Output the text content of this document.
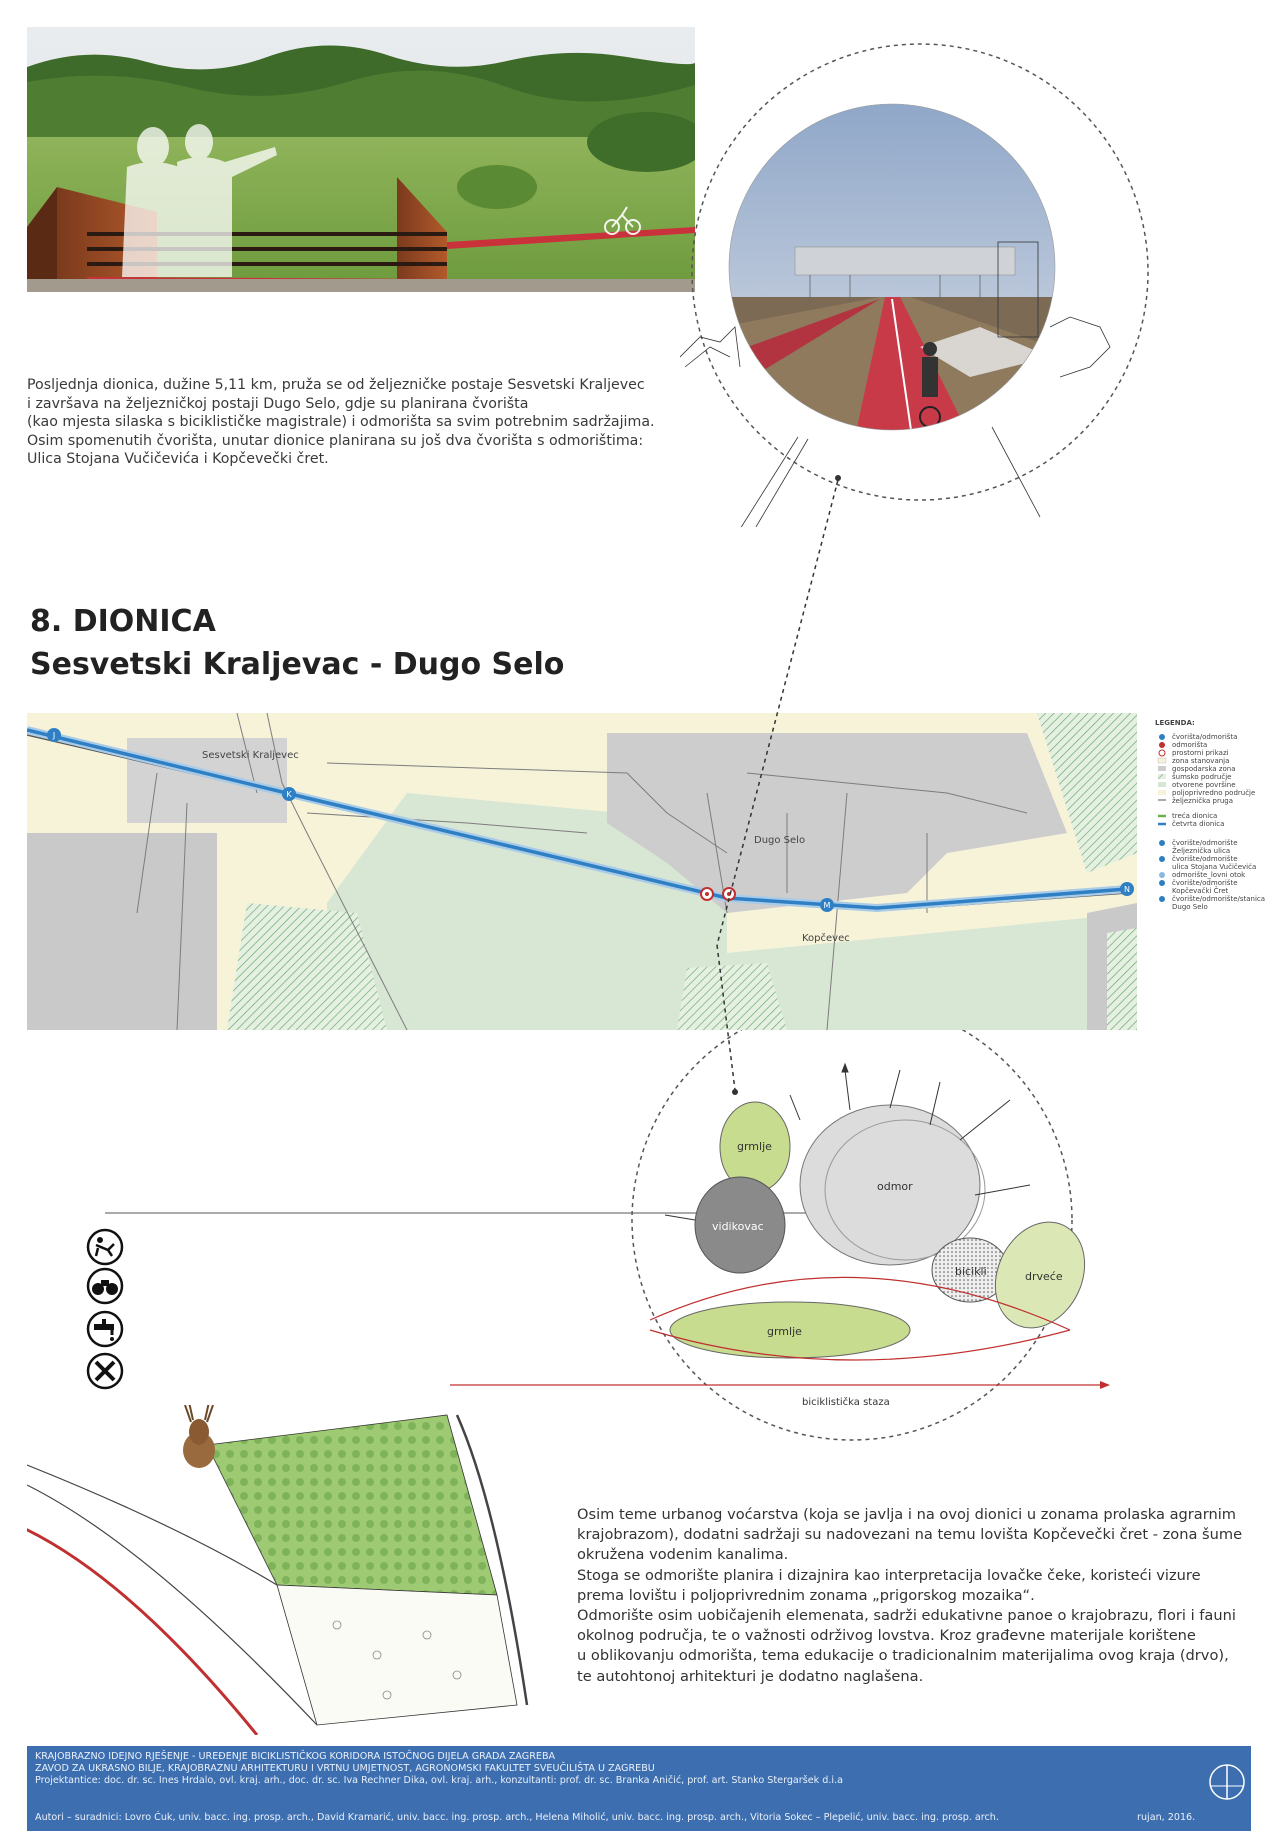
Posljednja dionica, dužine 5,11 km, pruža se od željezničke postaje Sesvetski Kraljevec

i završava na željezničkoj postaji Dugo Selo, gdje su planirana čvorišta

(kao mjesta silaska s biciklističke magistrale) i odmorišta sa svim potrebnim sadržajima.

Osim spomenutih čvorišta, unutar dionice planirana su još dva čvorišta s odmorištima:

Ulica Stojana Vučičevića i Kopčevečki čret.

8. DIONICA
Sesvetski Kraljevac - Dugo Selo
J
K
M
N
Sesvetski Kraljevec
Dugo Selo
Kopčevec
LEGENDA:
čvorišta/odmorišta
odmorišta
prostorni prikazi
zona stanovanja
gospodarska zona
šumsko područje
otvorene površine
poljoprivredno područje
željeznička pruga
treća dionica
četvrta dionica
čvorište/odmorište
Željeznička ulica
čvorište/odmorište
ulica Stojana Vučičevića
odmorište_lovni otok
čvorište/odmorište
Kopčevački Čret
čvorište/odmorište/stanica
Dugo Selo
grmlje
odmor
vidikovac
bicikli	drveće
grmlje
biciklistička staza

Osim teme urbanog voćarstva (koja se javlja i na ovoj dionici u zonama prolaska agrarnim

krajobrazom), dodatni sadržaji su nadovezani na temu lovišta Kopčevečki čret - zona šume

okružena vodenim kanalima.

Stoga se odmorište planira i dizajnira kao interpretacija lovačke čeke, koristeći vizure

prema lovištu i poljoprivrednim zonama „prigorskog mozaika“.

Odmorište osim uobičajenih elemenata, sadrži edukativne panoe o krajobrazu, flori i fauni

okolnog područja, te o važnosti održivog lovstva. Kroz građevne materijale korištene

u oblikovanju odmorišta, tema edukacije o tradicionalnim materijalima ovog kraja (drvo),

te autohtonoj arhitekturi je dodatno naglašena.

KRAJOBRAZNO IDEJNO RJEŠENJE - UREĐENJE BICIKLISTIČKOG KORIDORA ISTOČNOG DIJELA GRADA ZAGREBA
ZAVOD ZA UKRASNO BILJE, KRAJOBRAZNU ARHITEKTURU I VRTNU UMJETNOST, AGRONOMSKI FAKULTET SVEUČILIŠTA U ZAGREBU
Projektantice: doc. dr. sc. Ines Hrdalo, ovl. kraj. arh., doc. dr. sc. Iva Rechner Dika, ovl. kraj. arh., konzultanti: prof. dr. sc. Branka Aničić, prof. art. Stanko Stergaršek d.i.a
Autori – suradnici: Lovro Ćuk, univ. bacc. ing. prosp. arch., David Kramarić, univ. bacc. ing. prosp. arch., Helena Miholić, univ. bacc. ing. prosp. arch., Vitoria Sokec – Plepelić, univ. bacc. ing. prosp. arch.	rujan, 2016.
